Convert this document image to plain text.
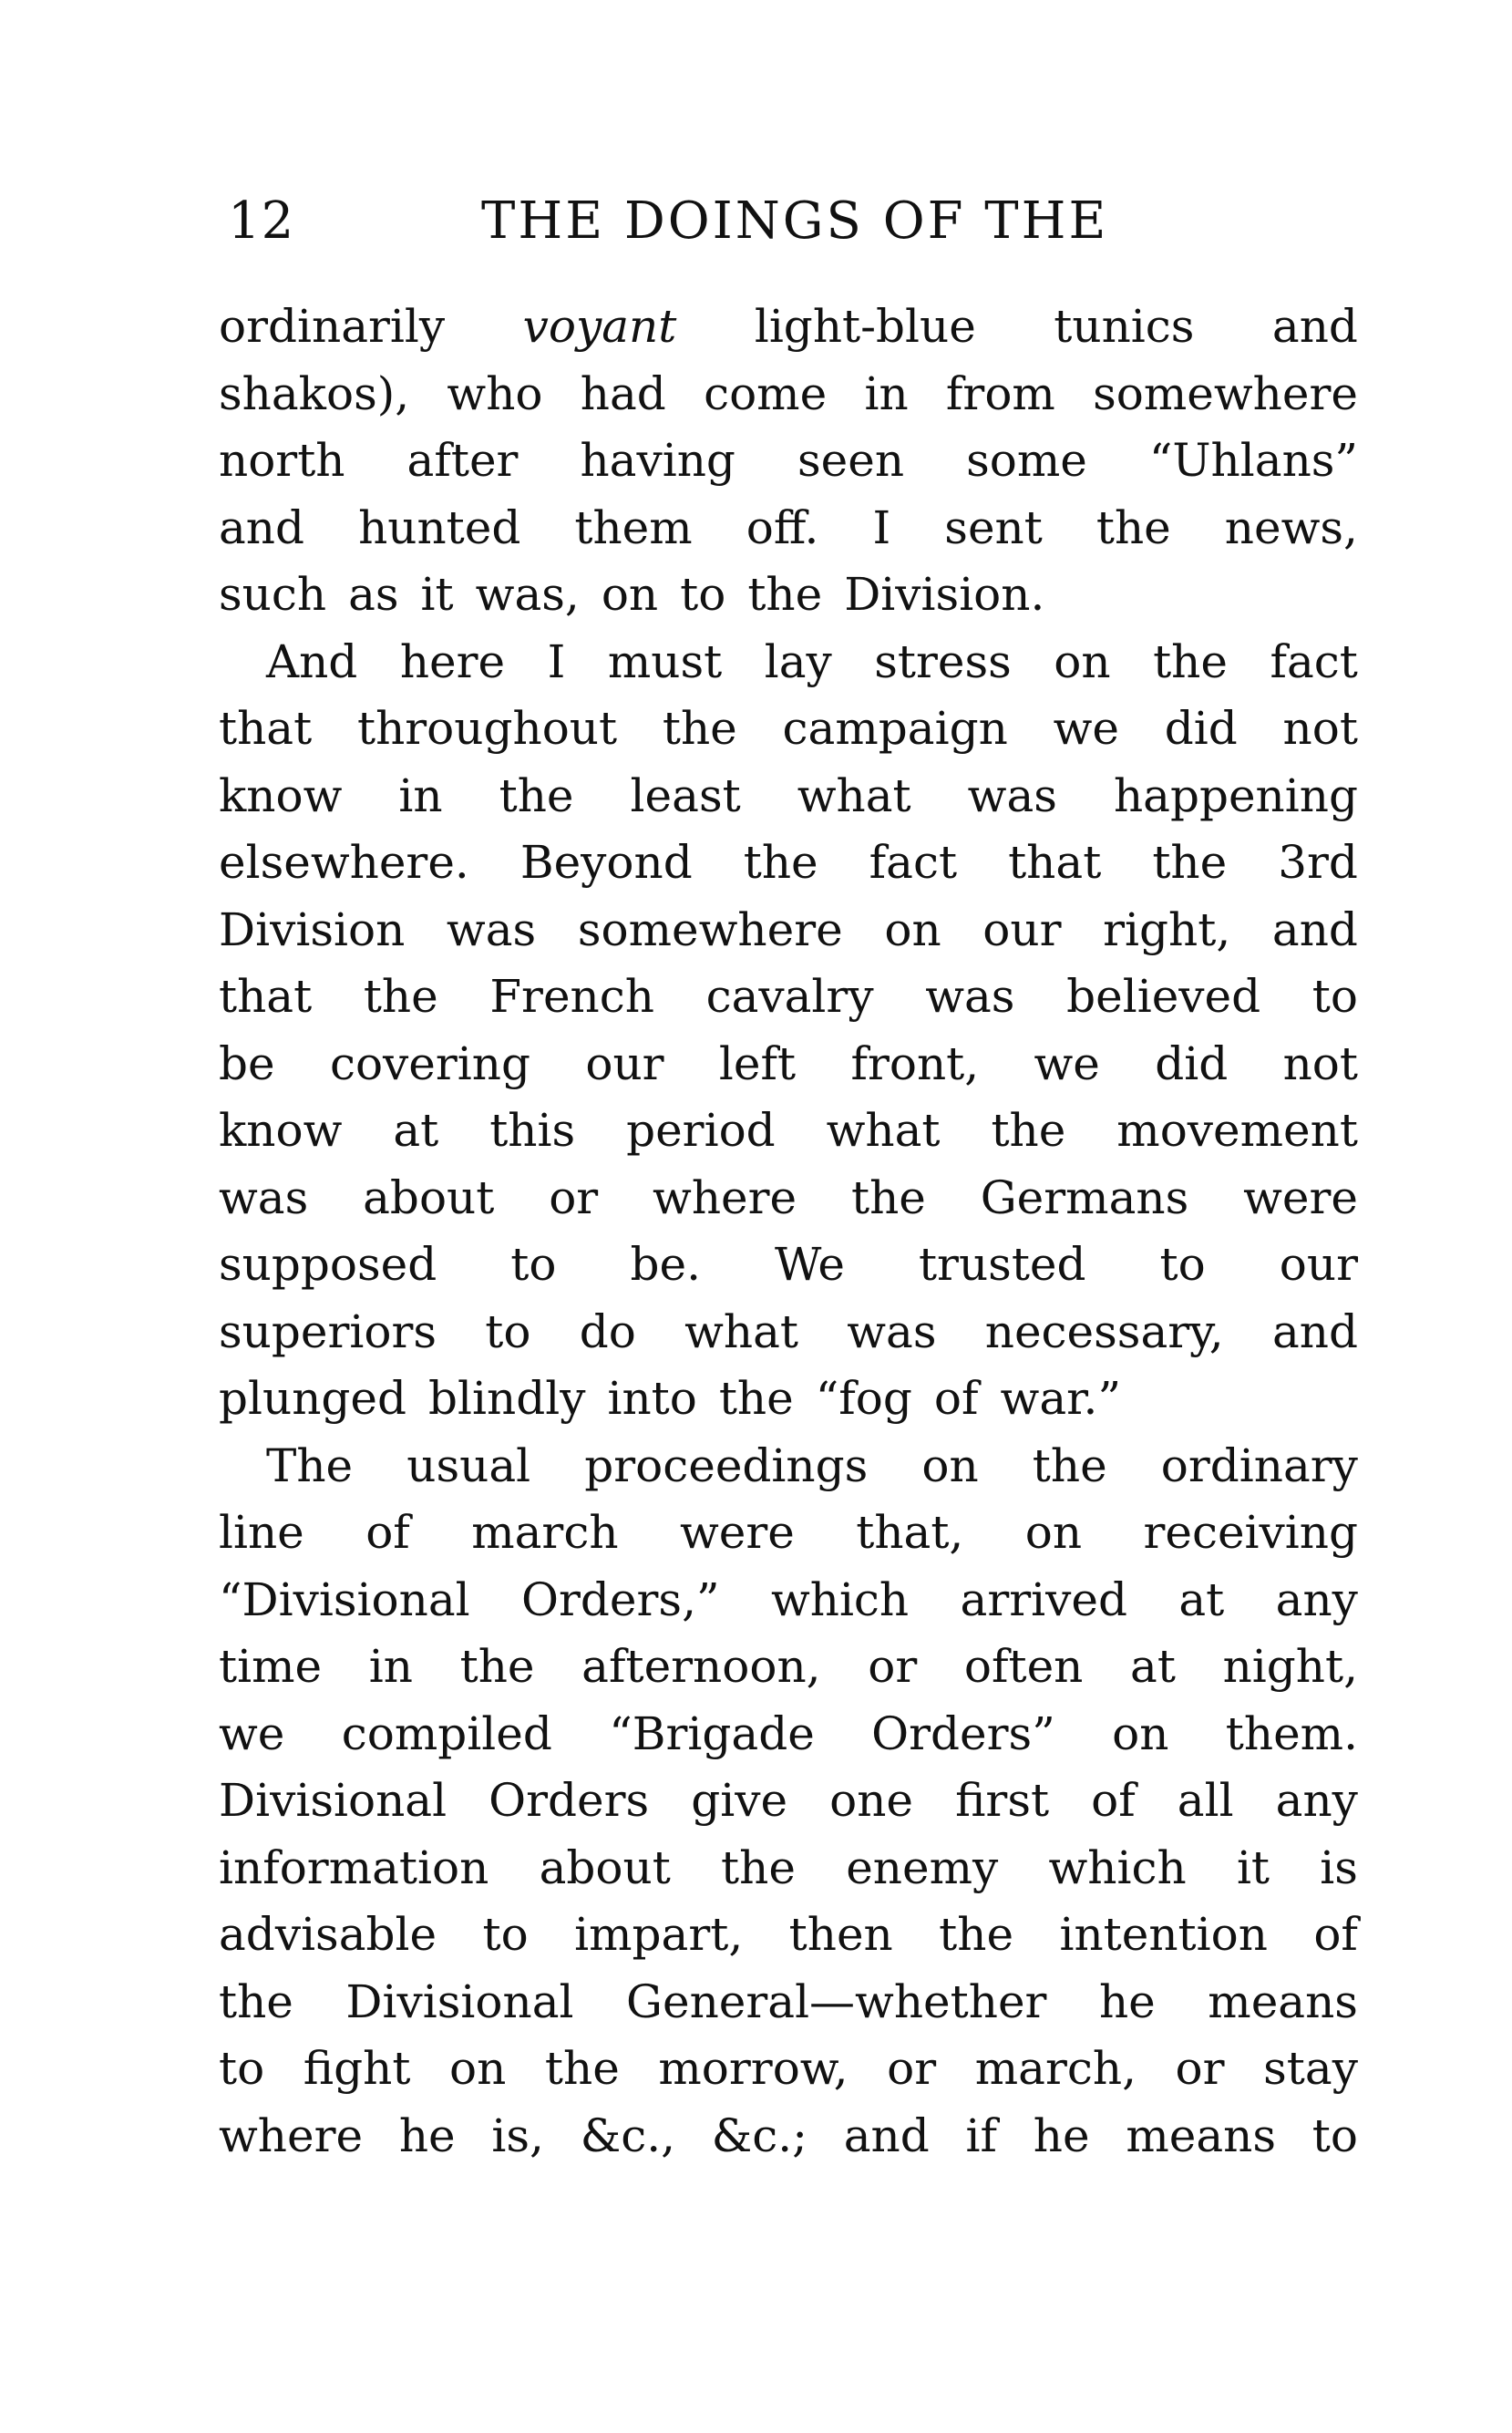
12	THE DOINGS OF THE
ordinarily voyant light-blue tunics and
shakos), who had come in from somewhere
north after having seen some “Uhlans”
and hunted them off. I sent the news,
such as it was, on to the Division.
And here I must lay stress on the fact
that throughout the campaign we did not
know in the least what was happening
elsewhere. Beyond the fact that the 3rd
Division was somewhere on our right, and
that the French cavalry was believed to
be covering our left front, we did not
know at this period what the movement
was about or where the Germans were
supposed to be. We trusted to our
superiors to do what was necessary, and
plunged blindly into the “fog of war.”
The usual proceedings on the ordinary
line of march were that, on receiving
“Divisional Orders,” which arrived at any
time in the afternoon, or often at night,
we compiled “Brigade Orders” on them.
Divisional Orders give one first of all any
information about the enemy which it is
advisable to impart, then the intention of
the Divisional General—whether he means
to fight on the morrow, or march, or stay
where he is, &c., &c.; and if he means to
